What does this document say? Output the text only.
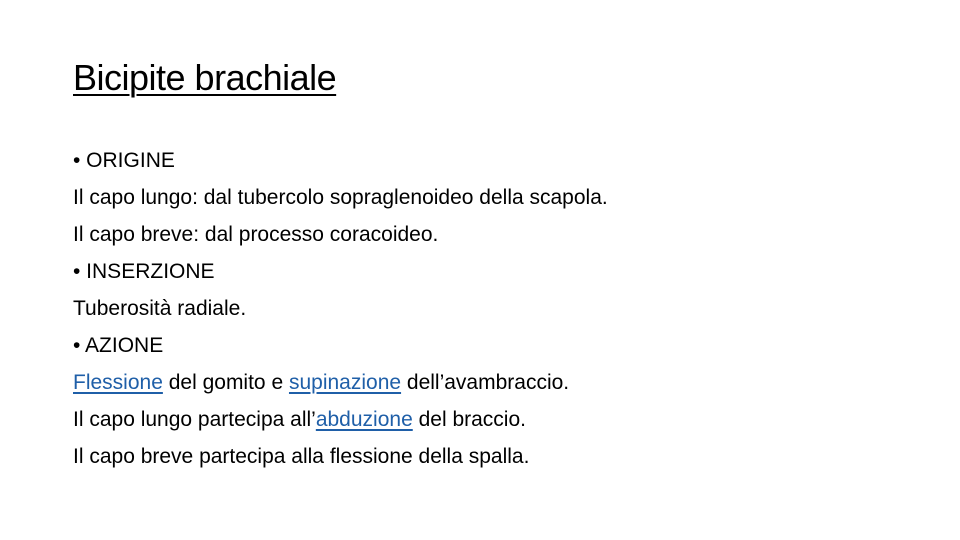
Bicipite brachiale
• ORIGINE
Il capo lungo: dal tubercolo sopraglenoideo della scapola.
Il capo breve: dal processo coracoideo.
• INSERZIONE
Tuberosità radiale.
• AZIONE
Flessione del gomito e supinazione dell’avambraccio.
Il capo lungo partecipa all’abduzione del braccio.
Il capo breve partecipa alla flessione della spalla.
